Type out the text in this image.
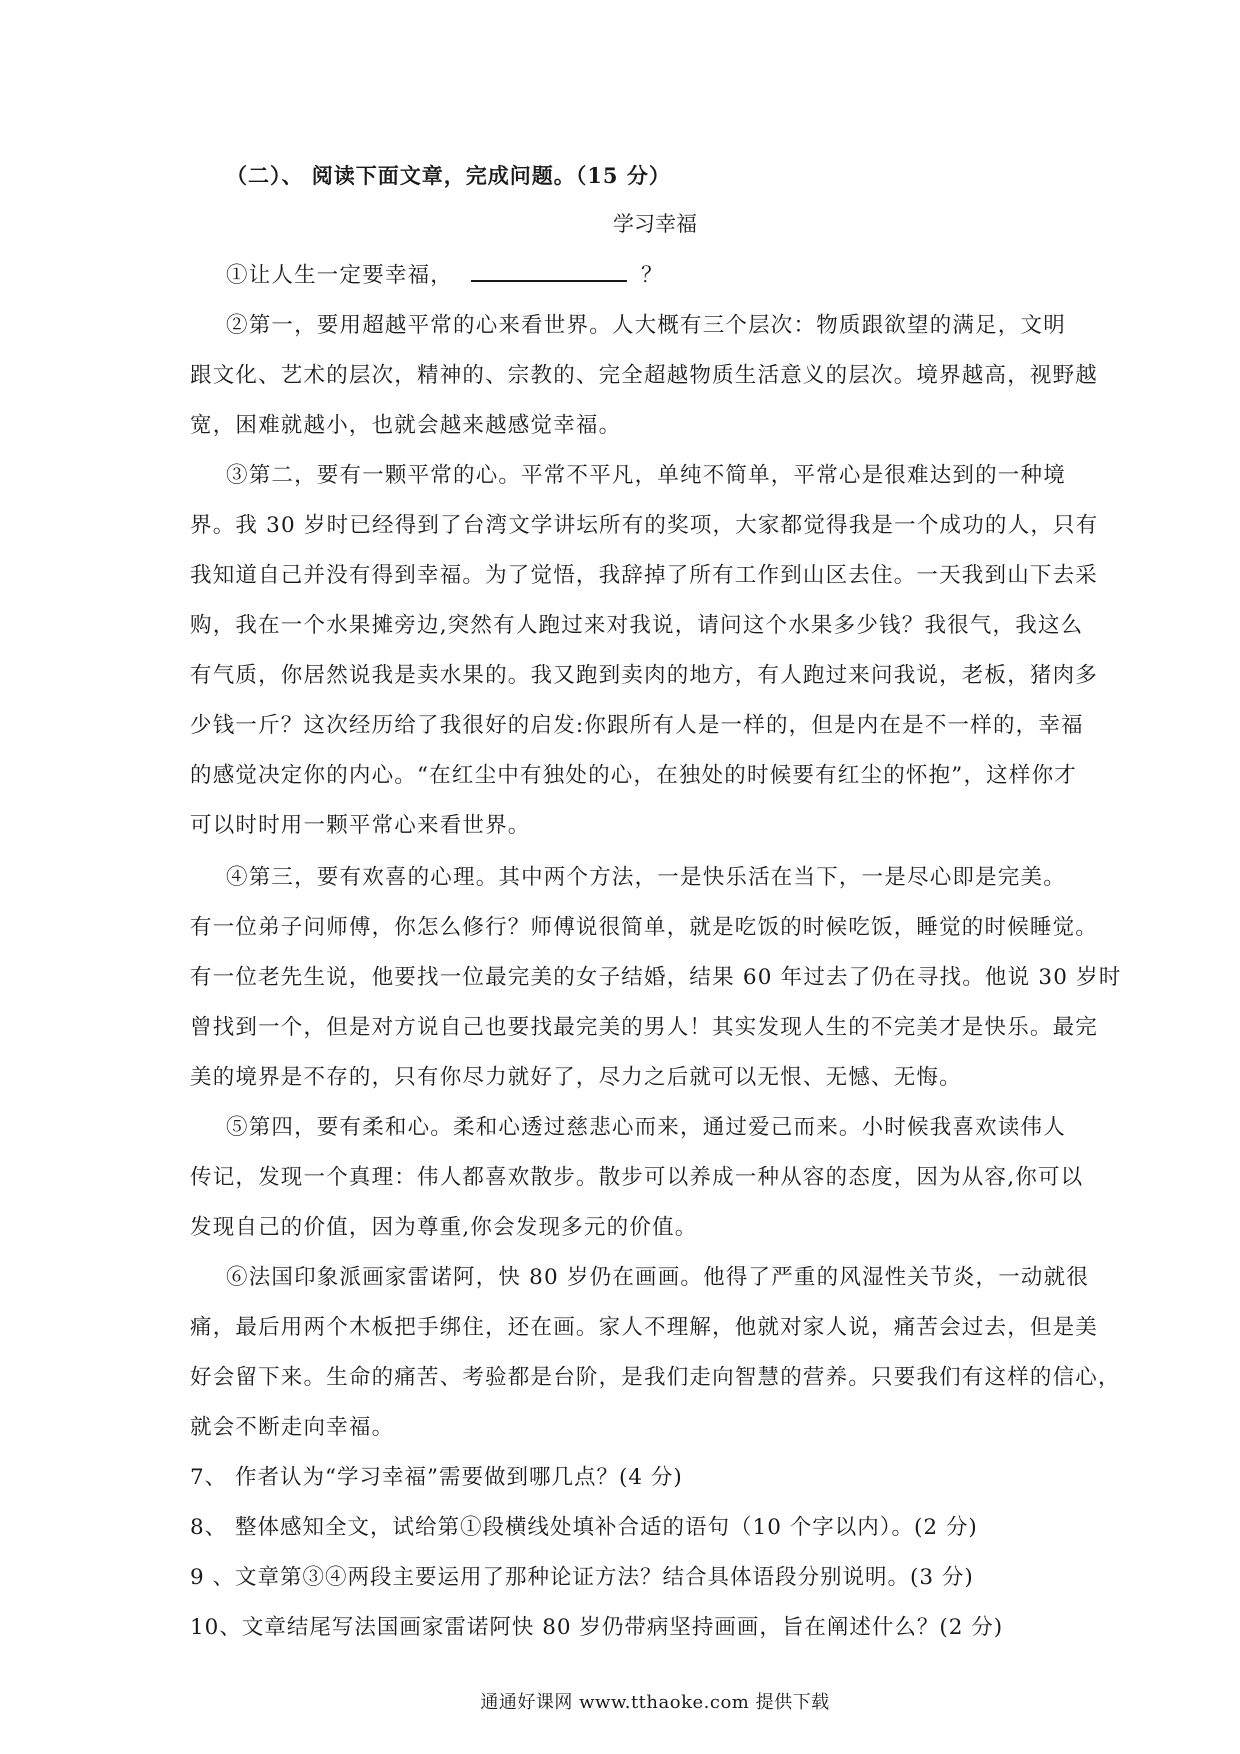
（二）、 阅读下面文章，完成问题。（15 分）
学习幸福
①让人生一定要幸福，	？
②第一，要用超越平常的心来看世界。人大概有三个层次：物质跟欲望的满足，文明
跟文化、艺术的层次，精神的、宗教的、完全超越物质生活意义的层次。境界越高，视野越
宽，困难就越小，也就会越来越感觉幸福。
③第二，要有一颗平常的心。平常不平凡，单纯不简单，平常心是很难达到的一种境
界。我 30 岁时已经得到了台湾文学讲坛所有的奖项，大家都觉得我是一个成功的人，只有
我知道自己并没有得到幸福。为了觉悟，我辞掉了所有工作到山区去住。一天我到山下去采
购，我在一个水果摊旁边,突然有人跑过来对我说，请问这个水果多少钱？我很气，我这么
有气质，你居然说我是卖水果的。我又跑到卖肉的地方，有人跑过来问我说，老板，猪肉多
少钱一斤？这次经历给了我很好的启发:你跟所有人是一样的，但是内在是不一样的，幸福
的感觉决定你的内心。“在红尘中有独处的心，在独处的时候要有红尘的怀抱”，这样你才
可以时时用一颗平常心来看世界。
④第三，要有欢喜的心理。其中两个方法，一是快乐活在当下，一是尽心即是完美。
有一位弟子问师傅，你怎么修行？师傅说很简单，就是吃饭的时候吃饭，睡觉的时候睡觉。
有一位老先生说，他要找一位最完美的女子结婚，结果 60 年过去了仍在寻找。他说 30 岁时
曾找到一个，但是对方说自己也要找最完美的男人！其实发现人生的不完美才是快乐。最完
美的境界是不存的，只有你尽力就好了，尽力之后就可以无恨、无憾、无悔。
⑤第四，要有柔和心。柔和心透过慈悲心而来，通过爱己而来。小时候我喜欢读伟人
传记，发现一个真理：伟人都喜欢散步。散步可以养成一种从容的态度，因为从容,你可以
发现自己的价值，因为尊重,你会发现多元的价值。
⑥法国印象派画家雷诺阿，快 80 岁仍在画画。他得了严重的风湿性关节炎，一动就很
痛，最后用两个木板把手绑住，还在画。家人不理解，他就对家人说，痛苦会过去，但是美
好会留下来。生命的痛苦、考验都是台阶，是我们走向智慧的营养。只要我们有这样的信心，
就会不断走向幸福。
7、 作者认为“学习幸福”需要做到哪几点？(4 分)
8、 整体感知全文，试给第①段横线处填补合适的语句（10 个字以内）。(2 分)
9 、文章第③④两段主要运用了那种论证方法？结合具体语段分别说明。(3 分)
10、文章结尾写法国画家雷诺阿快 80 岁仍带病坚持画画，旨在阐述什么？(2 分)
通通好课网 www.tthaoke.com 提供下载
